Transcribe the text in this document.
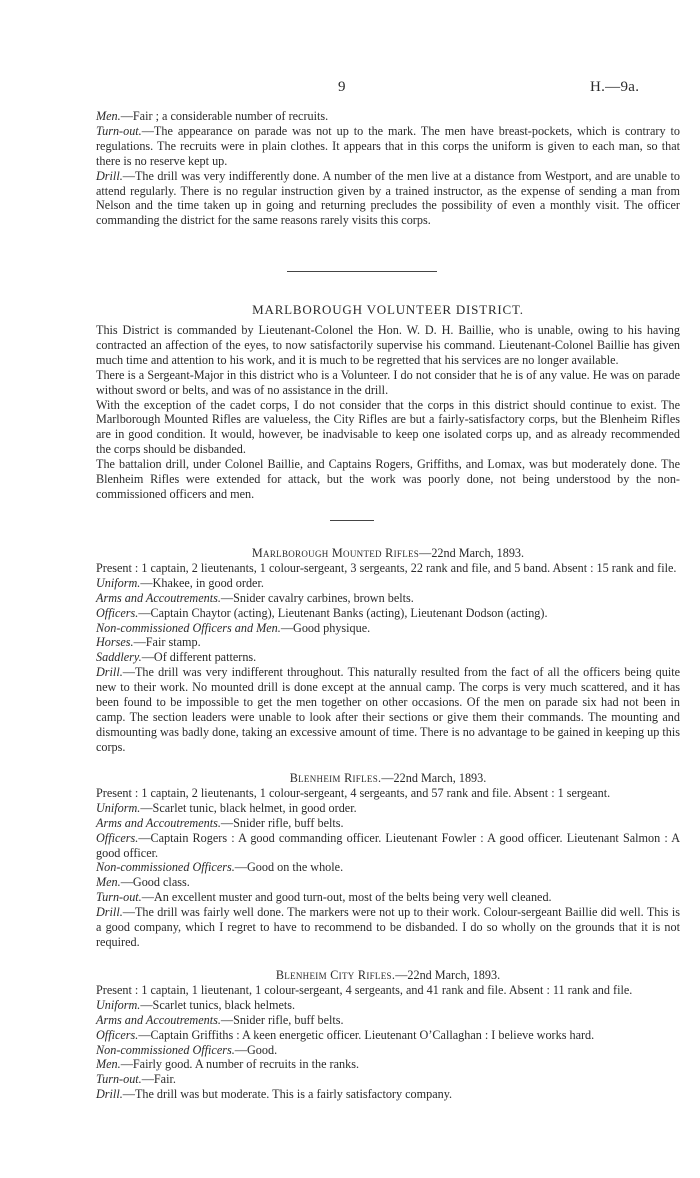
9	H.—9a.

Men.—Fair ; a considerable number of recruits.

Turn-out.—The appearance on parade was not up to the mark. The men have breast-pockets, which is contrary to regulations. The recruits were in plain clothes. It appears that in this corps the uniform is given to each man, so that there is no reserve kept up.

Drill.—The drill was very indifferently done. A number of the men live at a distance from Westport, and are unable to attend regularly. There is no regular instruction given by a trained instructor, as the expense of sending a man from Nelson and the time taken up in going and returning precludes the possibility of even a monthly visit. The officer commanding the district for the same reasons rarely visits this corps.

MARLBOROUGH VOLUNTEER DISTRICT.

This District is commanded by Lieutenant-Colonel the Hon. W. D. H. Baillie, who is unable, owing to his having contracted an affection of the eyes, to now satisfactorily supervise his command. Lieutenant-Colonel Baillie has given much time and attention to his work, and it is much to be regretted that his services are no longer available.

There is a Sergeant-Major in this district who is a Volunteer. I do not consider that he is of any value. He was on parade without sword or belts, and was of no assistance in the drill.

With the exception of the cadet corps, I do not consider that the corps in this district should continue to exist. The Marlborough Mounted Rifles are valueless, the City Rifles are but a fairly-satisfactory corps, but the Blenheim Rifles are in good condition. It would, however, be inadvisable to keep one isolated corps up, and as already recommended the corps should be disbanded.

The battalion drill, under Colonel Baillie, and Captains Rogers, Griffiths, and Lomax, was but moderately done. The Blenheim Rifles were extended for attack, but the work was poorly done, not being understood by the non-commissioned officers and men.

Marlborough Mounted Rifles—22nd March, 1893.

Present : 1 captain, 2 lieutenants, 1 colour-sergeant, 3 sergeants, 22 rank and file, and 5 band. Absent : 15 rank and file.

Uniform.—Khakee, in good order.

Arms and Accoutrements.—Snider cavalry carbines, brown belts.

Officers.—Captain Chaytor (acting), Lieutenant Banks (acting), Lieutenant Dodson (acting).

Non-commissioned Officers and Men.—Good physique.

Horses.—Fair stamp.

Saddlery.—Of different patterns.

Drill.—The drill was very indifferent throughout. This naturally resulted from the fact of all the officers being quite new to their work. No mounted drill is done except at the annual camp. The corps is very much scattered, and it has been found to be impossible to get the men together on other occasions. Of the men on parade six had not been in camp. The section leaders were unable to look after their sections or give them their commands. The mounting and dismounting was badly done, taking an excessive amount of time. There is no advantage to be gained in keeping up this corps.

Blenheim Rifles.—22nd March, 1893.

Present : 1 captain, 2 lieutenants, 1 colour-sergeant, 4 sergeants, and 57 rank and file. Absent : 1 sergeant.

Uniform.—Scarlet tunic, black helmet, in good order.

Arms and Accoutrements.—Snider rifle, buff belts.

Officers.—Captain Rogers : A good commanding officer. Lieutenant Fowler : A good officer. Lieutenant Salmon : A good officer.

Non-commissioned Officers.—Good on the whole.

Men.—Good class.

Turn-out.—An excellent muster and good turn-out, most of the belts being very well cleaned.

Drill.—The drill was fairly well done. The markers were not up to their work. Colour-sergeant Baillie did well. This is a good company, which I regret to have to recommend to be disbanded. I do so wholly on the grounds that it is not required.

Blenheim City Rifles.—22nd March, 1893.

Present : 1 captain, 1 lieutenant, 1 colour-sergeant, 4 sergeants, and 41 rank and file. Absent : 11 rank and file.

Uniform.—Scarlet tunics, black helmets.

Arms and Accoutrements.—Snider rifle, buff belts.

Officers.—Captain Griffiths : A keen energetic officer. Lieutenant O’Callaghan : I believe works hard.

Non-commissioned Officers.—Good.

Men.—Fairly good. A number of recruits in the ranks.

Turn-out.—Fair.

Drill.—The drill was but moderate. This is a fairly satisfactory company.
